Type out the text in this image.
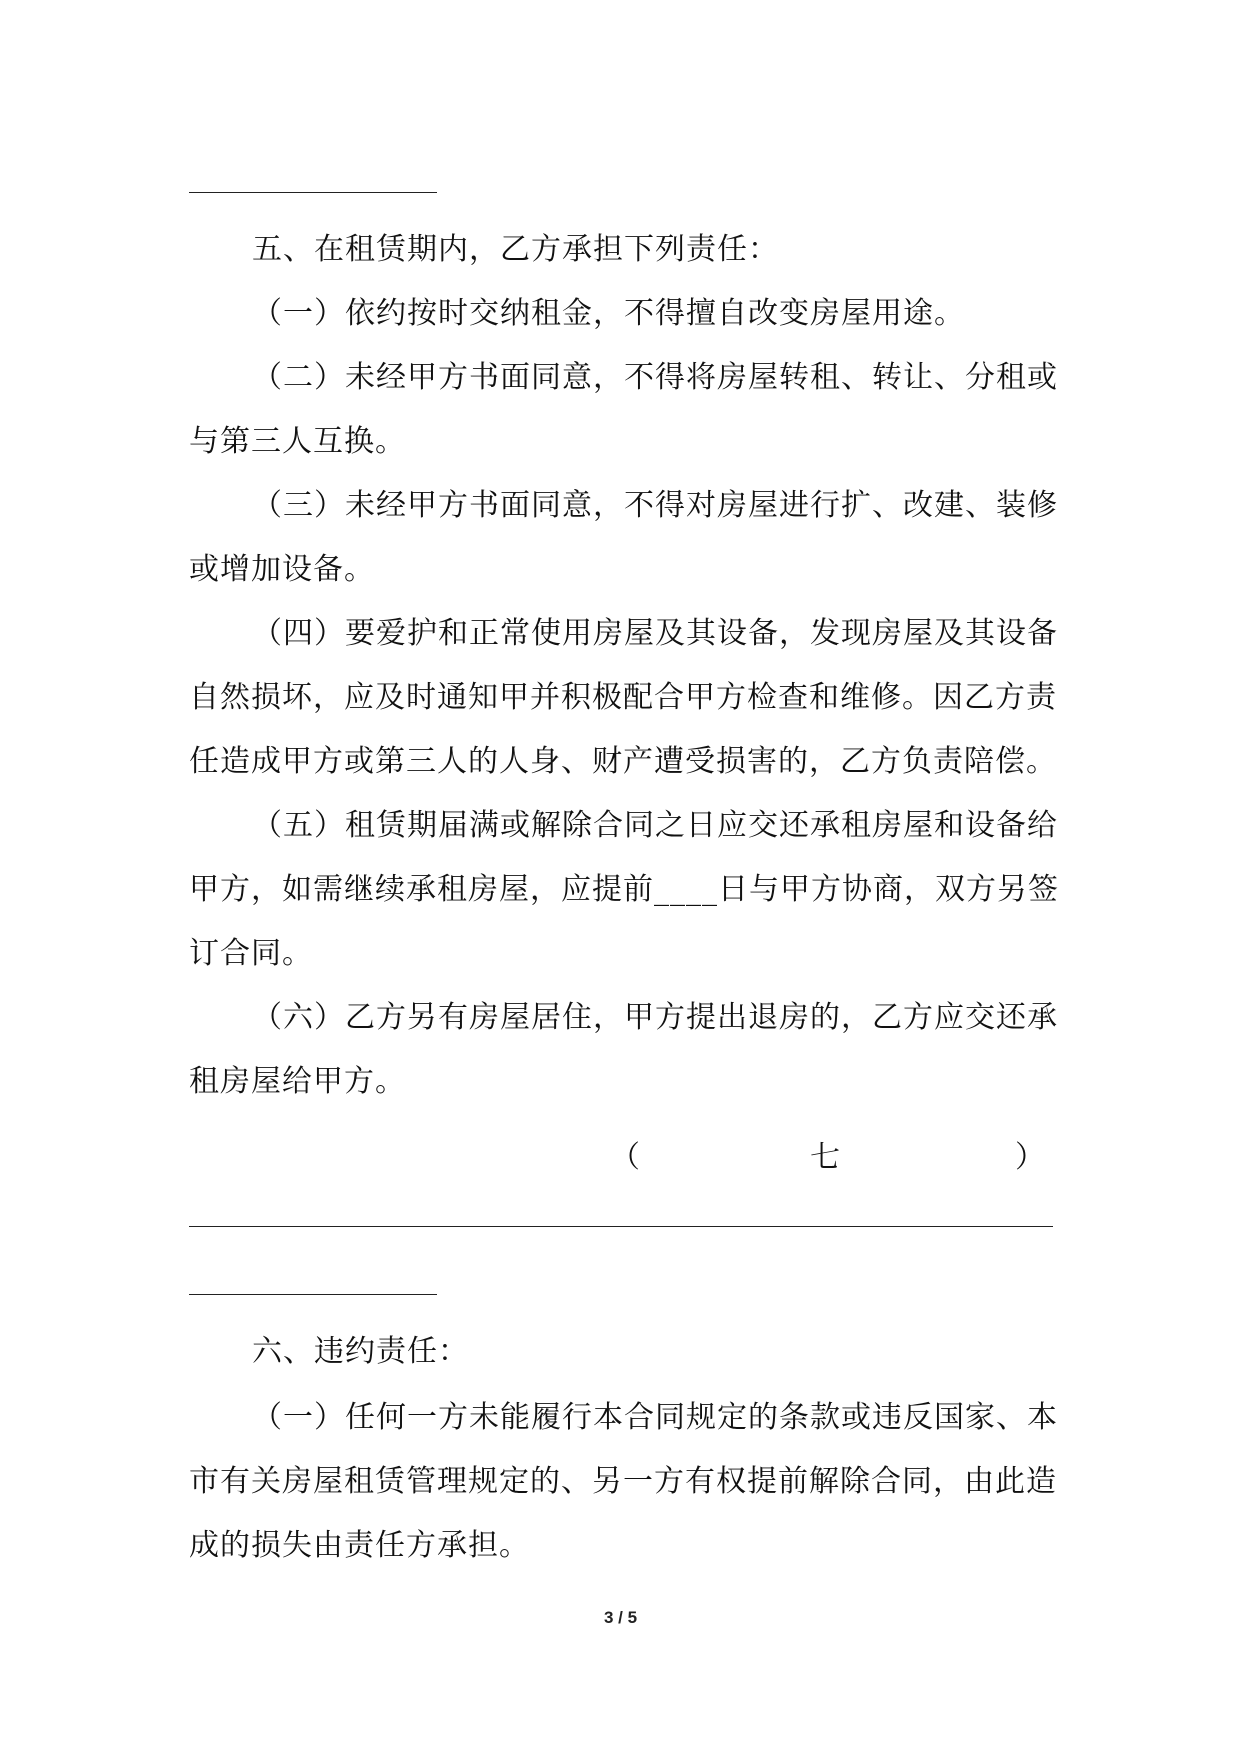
五、在租赁期内，乙方承担下列责任：
（一）依约按时交纳租金，不得擅自改变房屋用途。
（二）未经甲方书面同意，不得将房屋转租、转让、分租或
与第三人互换。
（三）未经甲方书面同意，不得对房屋进行扩、改建、装修
或增加设备。
（四）要爱护和正常使用房屋及其设备，发现房屋及其设备
自然损坏，应及时通知甲并积极配合甲方检查和维修。因乙方责
任造成甲方或第三人的人身、财产遭受损害的，乙方负责陪偿。
（五）租赁期届满或解除合同之日应交还承租房屋和设备给
甲方，如需继续承租房屋，应提前____日与甲方协商，双方另签
订合同。
（六）乙方另有房屋居住，甲方提出退房的，乙方应交还承
租房屋给甲方。
（	七	）
六、违约责任：
（一）任何一方未能履行本合同规定的条款或违反国家、本
市有关房屋租赁管理规定的、另一方有权提前解除合同，由此造
成的损失由责任方承担。
3 / 5
